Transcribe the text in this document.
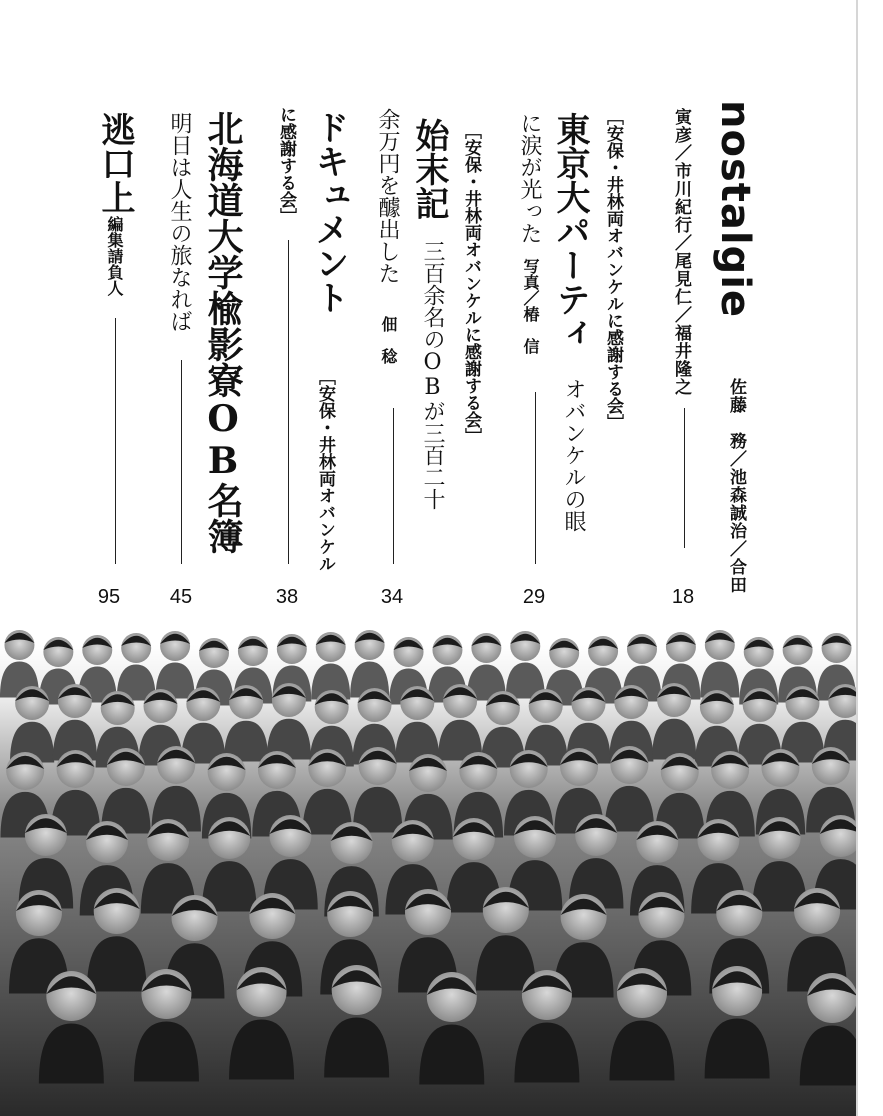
nostalgie
寅彦／市川紀行／尾見仁／福井隆之
佐藤　務／池森誠治／合田
18
［安保・井林両オバンケルに感謝する会］
東京大パーティ
オバンケルの眼
に涙が光った
写真／椿　信
29
［安保・井林両オバンケルに感謝する会］
始末記
三百余名のOBが三百二十
余万円を醵出した
佃　稔
34
に感謝する会］ ドキュメント
［安保・井林両オバンケル
38
北海道大学楡影寮OB名簿
明日は人生の旅なれば
45
逃口上
編集請負人
95
